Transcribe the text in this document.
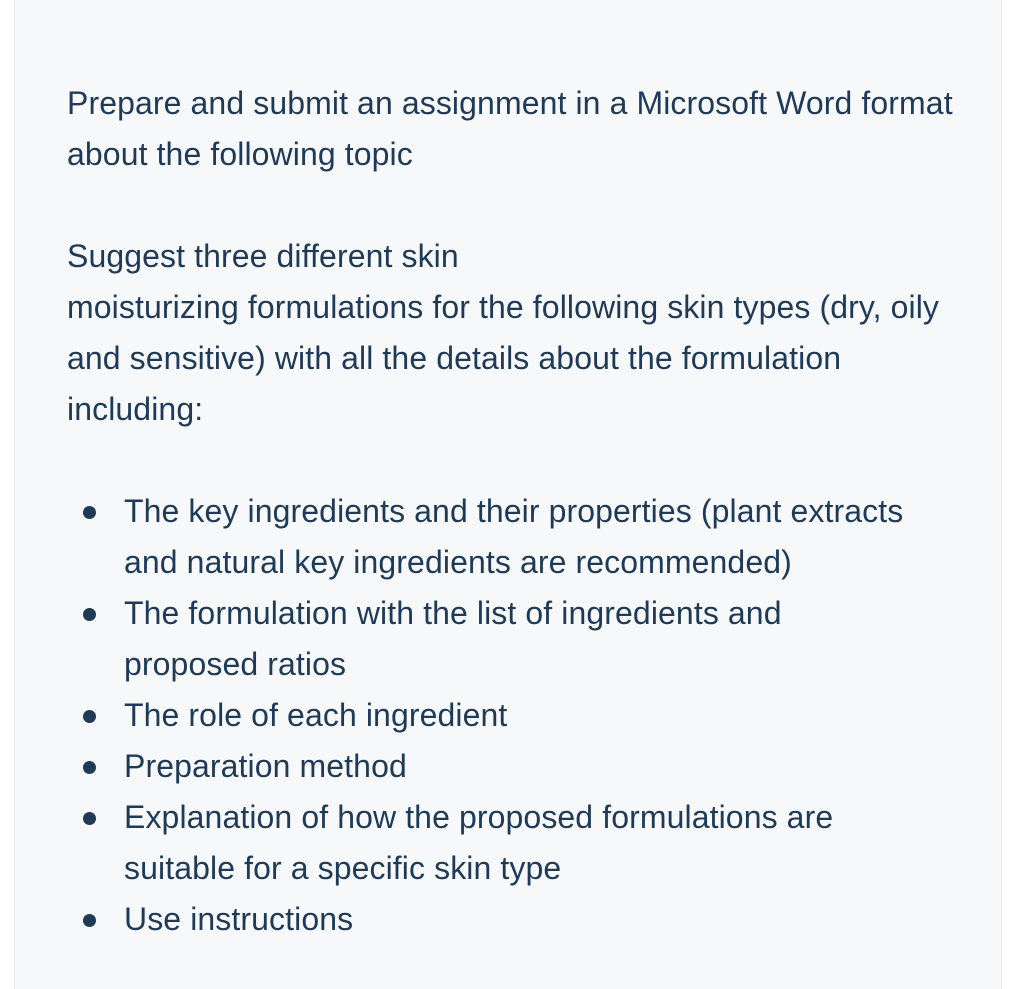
Prepare and submit an assignment in a Microsoft Word format about the following topic

Suggest three different skin
moisturizing formulations for the following skin types (dry, oily and sensitive) with all the details about the formulation including:

The key ingredients and their properties (plant extracts and natural key ingredients are recommended)
The formulation with the list of ingredients and proposed ratios
The role of each ingredient
Preparation method
Explanation of how the proposed formulations are suitable for a specific skin type
Use instructions
